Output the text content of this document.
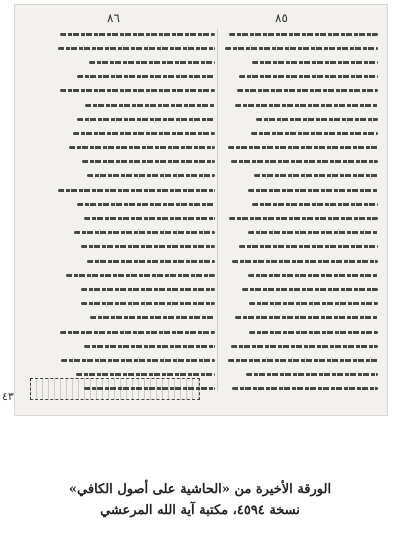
٨٦	٨٥
٤٣
الورقة الأخيرة من «الحاشية على أصول الكافي»
نسخة ٤٥٩٤، مكتبة آية الله المرعشي
